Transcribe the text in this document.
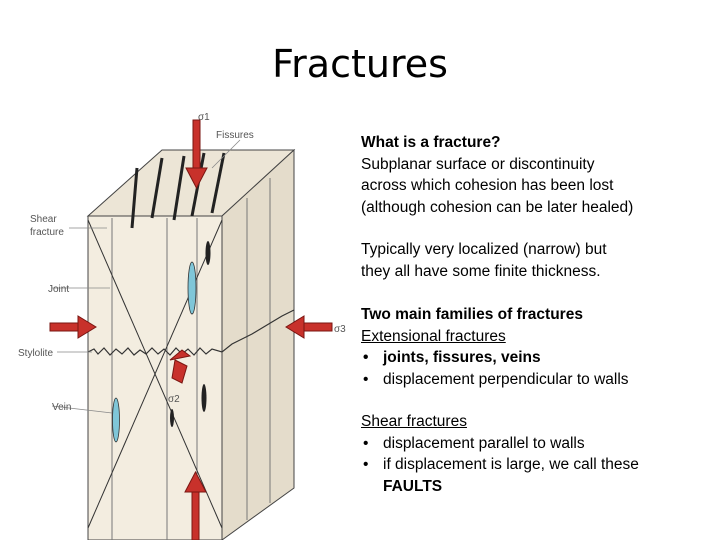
Fractures
σ1
Fissures
Shear
fracture
Joint
Stylolite
Vein
σ2
σ3

What is a fracture?

Subplanar surface or discontinuity

across which cohesion has been lost

(although cohesion can be later healed)

Typically very localized (narrow) but

they all have some finite thickness.

Two main families of fractures

Extensional fractures

• joints, fissures, veins

• displacement perpendicular to walls

Shear fractures

• displacement parallel to walls

• if displacement is large, we call these

FAULTS
